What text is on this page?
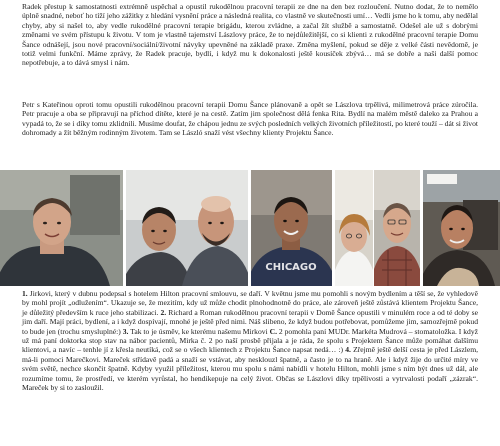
Radek přestup k samostatnosti extrémně uspěchal a opustil rukodělnou pracovní terapii ze dne na den bez rozloučení. Nutno dodat, že to nemělo úplně snadné, neboť ho tíží jeho zážitky z hledání vysnění práce a následná realita, co vlastně ve skutečnosti umí… Vedli jsme ho k tomu, aby nedělal chyby, aby si našel to, aby vedle rukodělné pracovní terapie brigádu, kterou zvládne, a začal žít službě a samostatně. Odešel ale už s dobrými změnami ve svém přístupu k životu. V tom je vlastně tajemství Lászlovy práce, že to nejdůležitější, co si klienti z rukodělné pracovní terapie Domu Šance odnášejí, jsou nové pracovní/sociální/životní návyky upevněné na základě praxe. Změna myšlení, pokud se děje z velké části nevědomě, je totiž velmi funkční. Máme zprávy, že Radek pracuje, bydlí, i když mu k dokonalosti ještě kousíček zbývá… má se dobře a naši další pomoc nepotřebuje, a to dává smysl i nám.

Petr s Kateřinou oproti tomu opustili rukodělnou pracovní terapii Domu Šance plánovaně a opět se Lászlova trpělivá, milimetrová práce zúročila. Petr pracuje a oba se připravují na příchod dítěte, které je na cestě. Zatím jim společnost dělá fenka Rita. Bydlí na malém městě daleko za Prahou a vypadá to, že se i díky tomu zklidnili. Musíme doufat, že chápou jednu ze svých posledních velkých životních příležitostí, po které touží – dát si život dohromady a žít běžným rodinným životem. Tam se László snaží vést všechny klienty Projektu Šance.

CHICAGO

1. Jirkovi, který v dubnu podepsal s hotelem Hilton pracovní smlouvu, se daří. V květnu jsme mu pomohli s novým bydlením a těší se, že vyhledově by mohl projít „odlužením“. Ukazuje se, že mezitím, kdy už může chodit plnohodnotně do práce, ale zároveň ještě zůstává klientem Projektu Šance, je důležitý především k ruce jeho stabilizaci. 2. Richard a Roman rukodělnou pracovní terapii v Domě Šance opustili v minulém roce a od té doby se jim daří. Mají práci, bydlení, a i když dospívají, mnohé je ještě před nimi. Náš slibeno, že když budou potřebovat, pomůžeme jim, samozřejmě pokud to bude jen (trochu smysluplné:) 3. Tak to je úsměv, ke kterému našemu Mirkovi C. 2 pomohla paní MUDr. Markéta Mudrová – stomatoložka. I když už má paní doktorka stop stav na nábor pacientů, Mirka č. 2 po naší prosbě přijala a je ráda, že spolu s Projektem Šance může pomáhat dalšímu klientovi, a navíc – tenhle jí z křesla neutíká, což se o všech klientech z Projektu Šance napsat nedá… :) 4. Zřejmě ještě delší cesta je před Lászlem, má-li pomoci Marečkovi. Mareček střídavě padá a snaží se vstávat, aby nesklouzl špatně, a často je to na hraně. Ale i když žije do určité míry ve svém světě, nechce skončit špatně. Kdyby využil příležitost, kterou mu spolu s námi nabídli v hotelu Hilton, mohli jsme s ním být dnes už dál, ale rozumíme tomu, že prostředí, ve kterém vyrůstal, ho hendikepuje na celý život. Občas se Lászlovi díky trpělivosti a vytrvalosti podaří „zázrak“. Mareček by si to zasloužil.
